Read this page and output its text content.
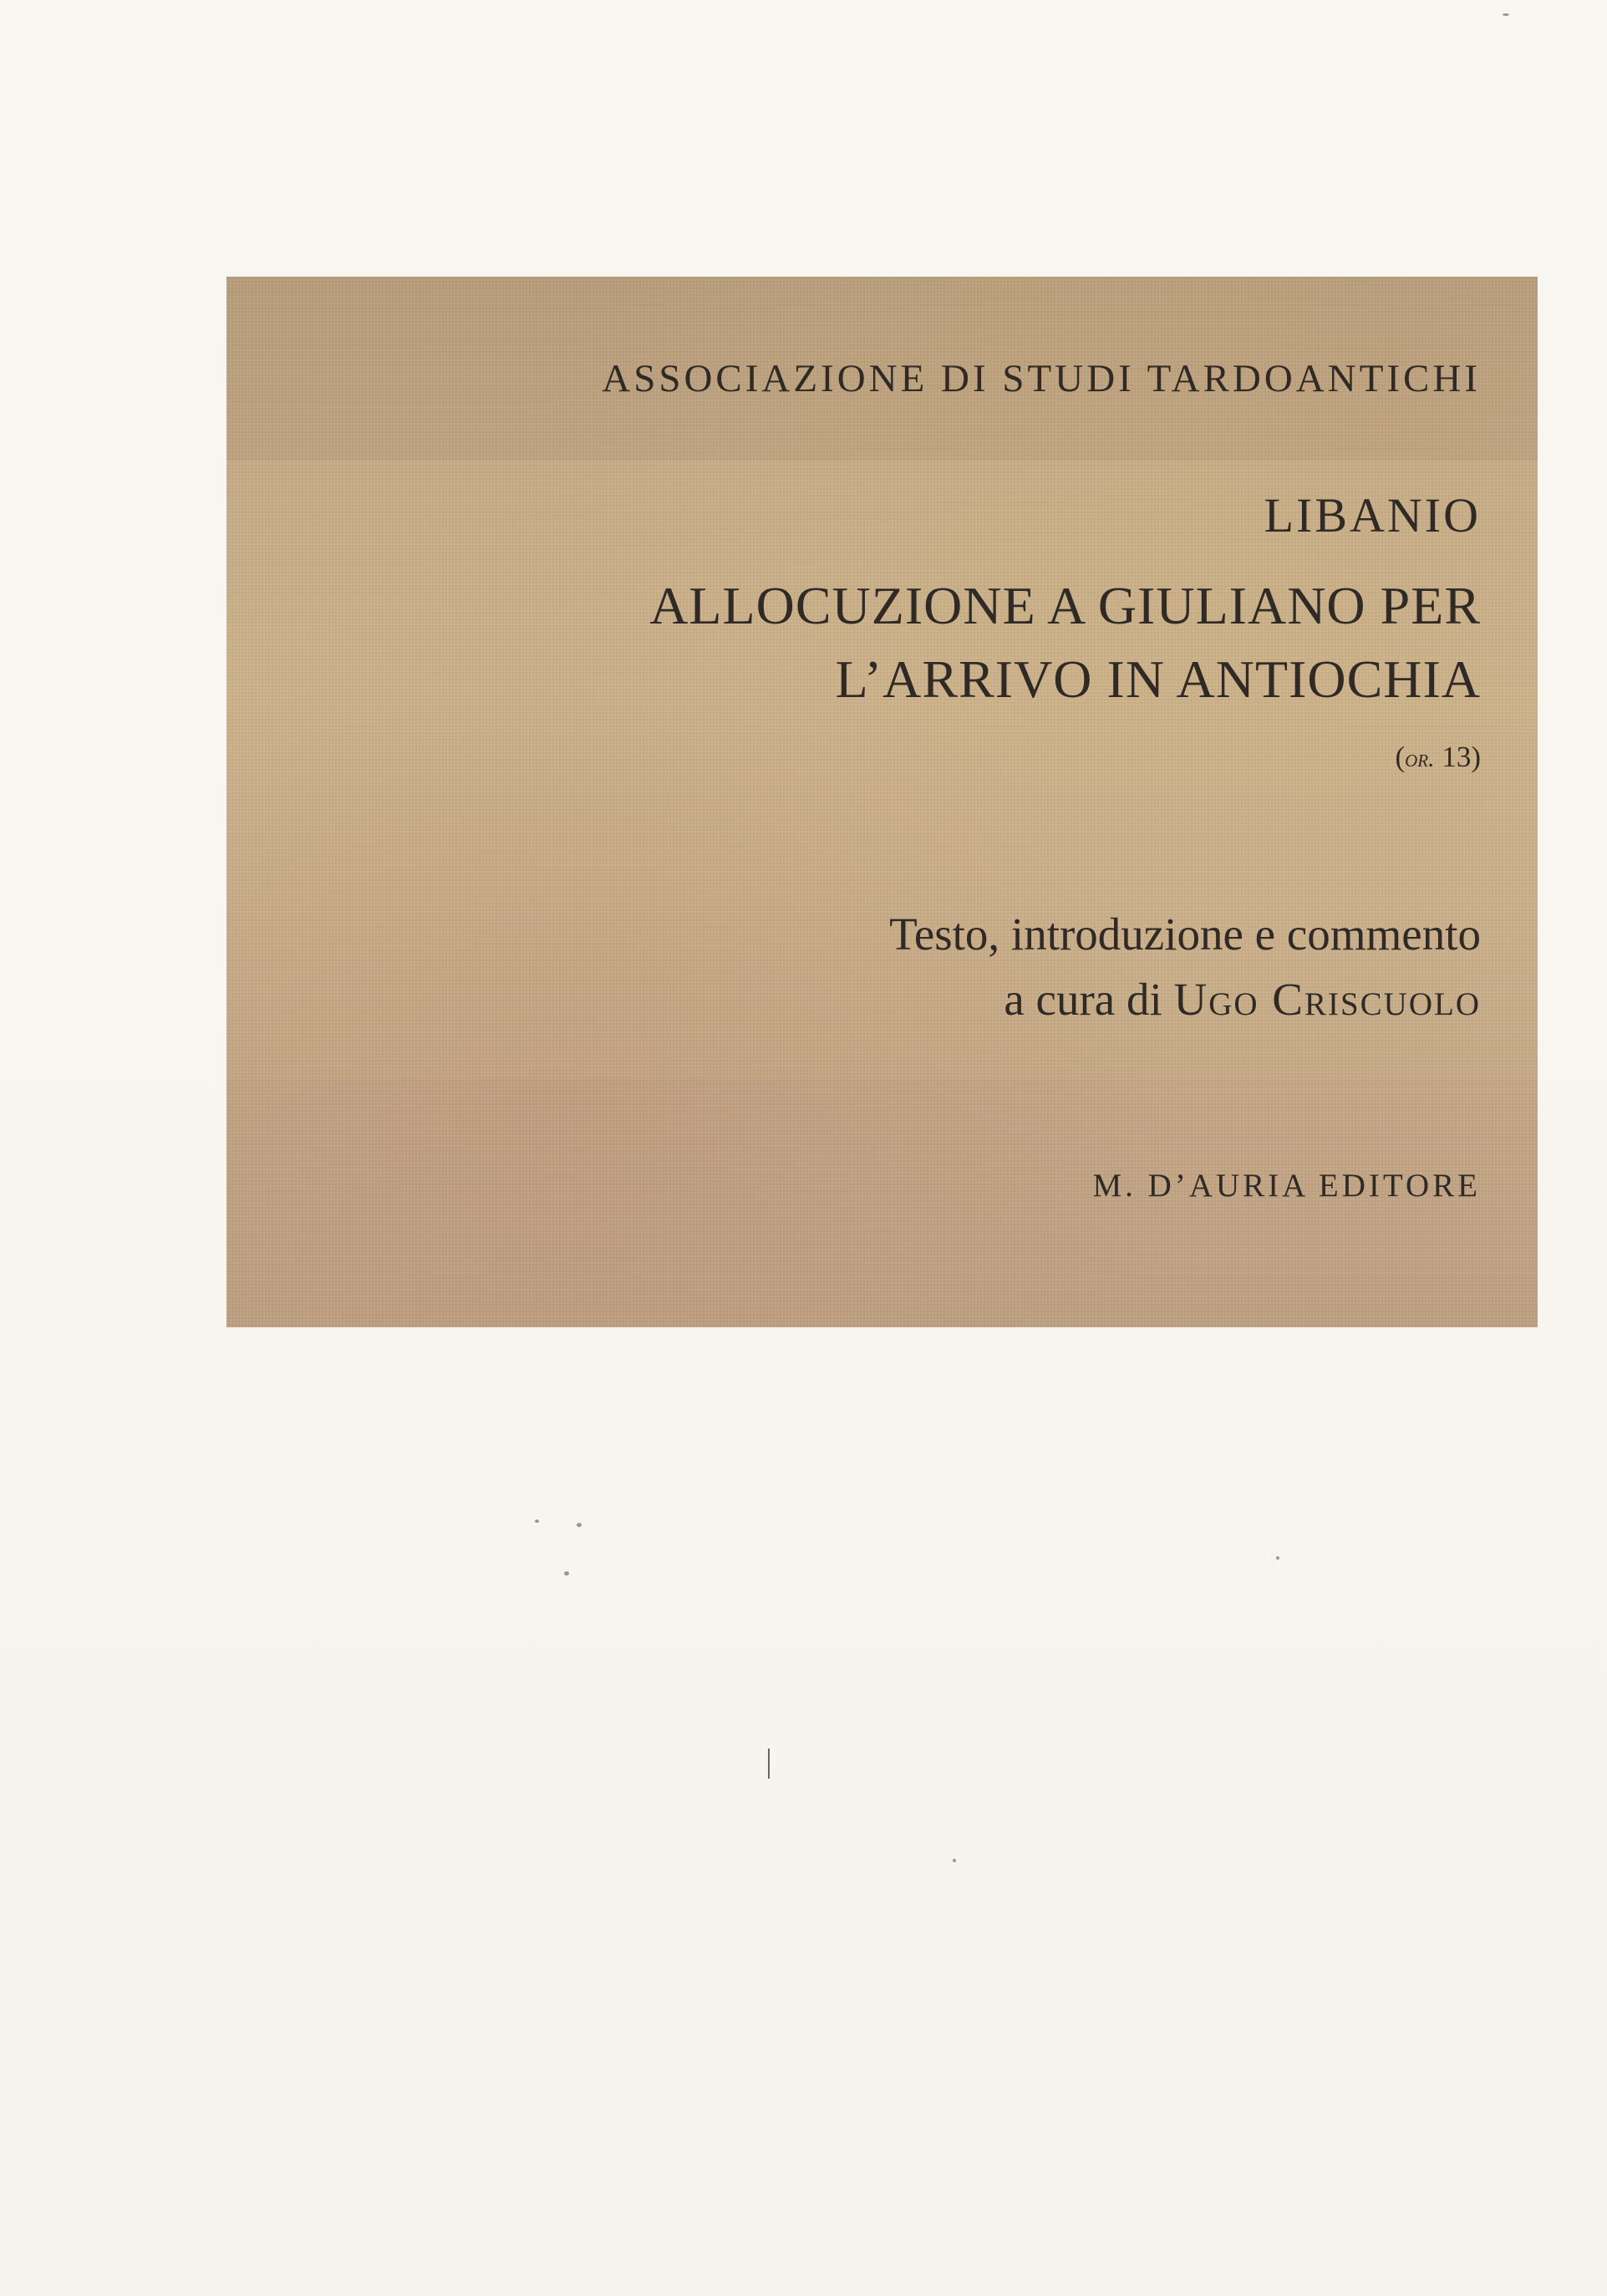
ASSOCIAZIONE DI STUDI TARDOANTICHI
LIBANIO
ALLOCUZIONE A GIULIANO PER
L’ARRIVO IN ANTIOCHIA
(or. 13)
Testo, introduzione e commento
a cura di Ugo Criscuolo
M. D’AURIA EDITORE
